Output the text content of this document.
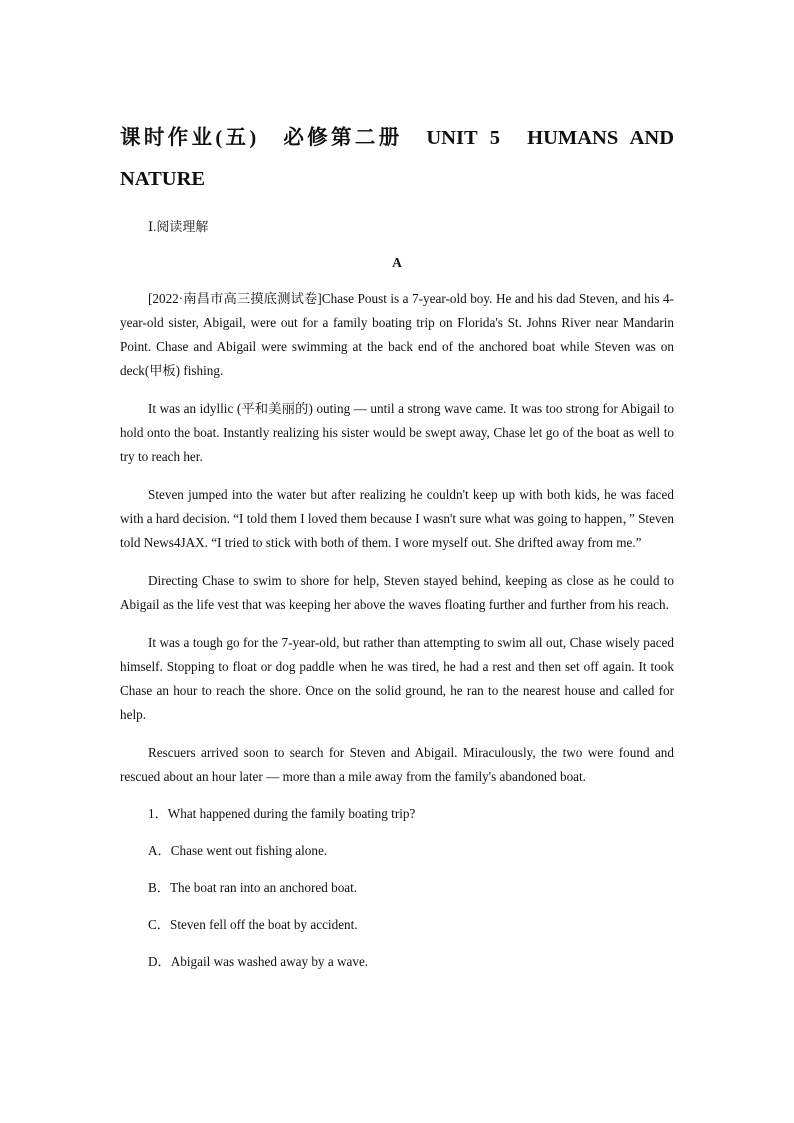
课时作业(五)　必修第二册　UNIT 5　HUMANS AND NATURE
Ⅰ.阅读理解
A

[2022·南昌市高三摸底测试卷]Chase Poust is a 7-year-old boy. He and his dad Steven, and his 4-year-old sister, Abigail, were out for a family boating trip on Florida's St. Johns River near Mandarin Point. Chase and Abigail were swimming at the back end of the anchored boat while Steven was on deck(甲板) fishing.

It was an idyllic (平和美丽的) outing — until a strong wave came. It was too strong for Abigail to hold onto the boat. Instantly realizing his sister would be swept away, Chase let go of the boat as well to try to reach her.

Steven jumped into the water but after realizing he couldn't keep up with both kids, he was faced with a hard decision. “I told them I loved them because I wasn't sure what was going to happen，” Steven told News4JAX. “I tried to stick with both of them. I wore myself out. She drifted away from me.”

Directing Chase to swim to shore for help, Steven stayed behind, keeping as close as he could to Abigail as the life vest that was keeping her above the waves floating further and further from his reach.

It was a tough go for the 7-year-old, but rather than attempting to swim all out, Chase wisely paced himself. Stopping to float or dog paddle when he was tired, he had a rest and then set off again. It took Chase an hour to reach the shore. Once on the solid ground, he ran to the nearest house and called for help.

Rescuers arrived soon to search for Steven and Abigail. Miraculously, the two were found and rescued about an hour later — more than a mile away from the family's abandoned boat.

1．What happened during the family boating trip?
A．Chase went out fishing alone.
B．The boat ran into an anchored boat.
C．Steven fell off the boat by accident.
D．Abigail was washed away by a wave.
